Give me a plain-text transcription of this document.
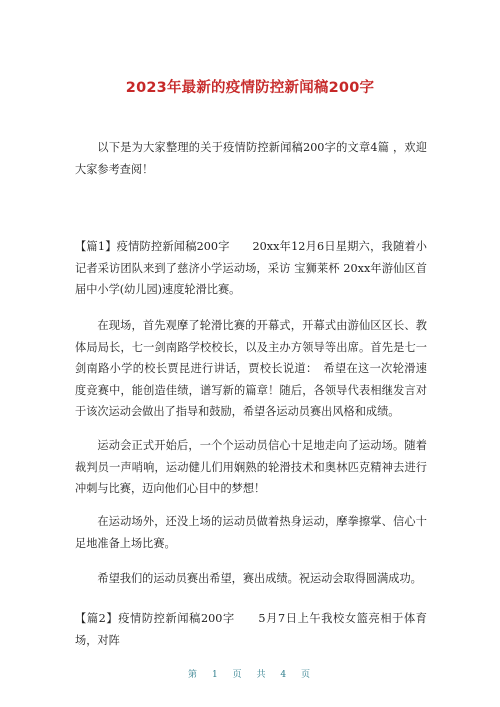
2023年最新的疫情防控新闻稿200字

以下是为大家整理的关于疫情防控新闻稿200字的文章4篇 ，欢迎大家参考查阅！

【篇1】疫情防控新闻稿200字　　20xx年12月6日星期六，我随着小记者采访团队来到了慈济小学运动场，采访 宝狮莱杯 20xx年游仙区首届中小学(幼儿园)速度轮滑比赛。

在现场，首先观摩了轮滑比赛的开幕式，开幕式由游仙区区长、教体局局长，七一剑南路学校校长，以及主办方领导等出席。首先是七一剑南路小学的校长贾昆进行讲话，贾校长说道：　希望在这一次轮滑速度竞赛中，能创造佳绩，谱写新的篇章！随后，各领导代表相继发言对于该次运动会做出了指导和鼓励，希望各运动员赛出风格和成绩。

运动会正式开始后，一个个运动员信心十足地走向了运动场。随着裁判员一声哨响，运动健儿们用娴熟的轮滑技术和奥林匹克精神去进行冲刺与比赛，迈向他们心目中的梦想！

在运动场外，还没上场的运动员做着热身运动，摩拳擦掌、信心十足地准备上场比赛。

希望我们的运动员赛出希望，赛出成绩。祝运动会取得圆满成功。

【篇2】疫情防控新闻稿200字　　5月7日上午我校女篮亮相于体育场，对阵

第 1 页 共 4 页
